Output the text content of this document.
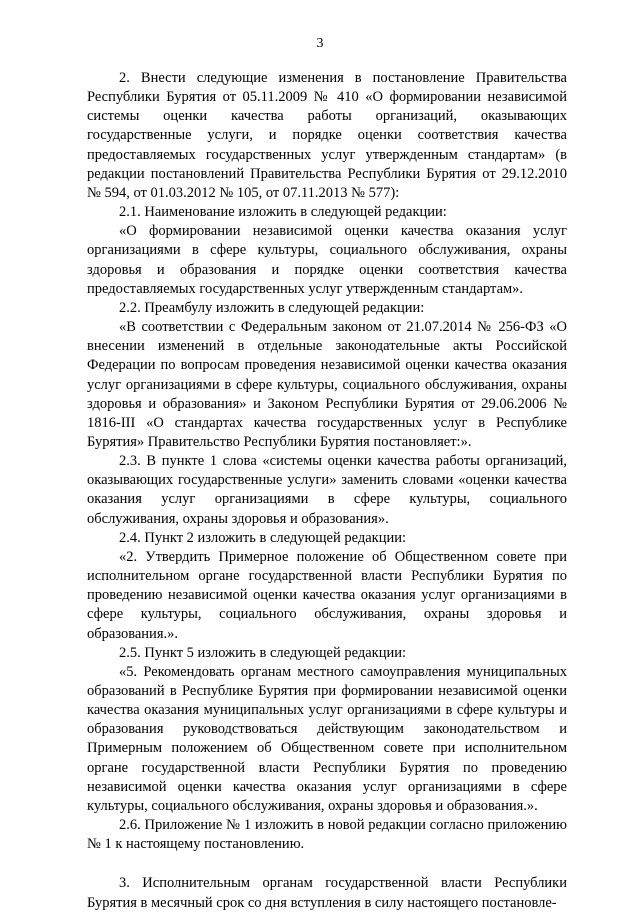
3

2. Внести следующие изменения в постановление Правительства Республики Бурятия от 05.11.2009 № 410 «О формировании независимой системы оценки качества работы организаций, оказывающих государственные услуги, и порядке оценки соответствия качества предоставляемых государственных услуг утвержденным стандартам» (в редакции постановлений Правительства Республики Бурятия от 29.12.2010 № 594, от 01.03.2012 № 105, от 07.11.2013 № 577):

2.1. Наименование изложить в следующей редакции:

«О формировании независимой оценки качества оказания услуг организациями в сфере культуры, социального обслуживания, охраны здоровья и образования и порядке оценки соответствия качества предоставляемых государственных услуг утвержденным стандартам».

2.2. Преамбулу изложить в следующей редакции:

«В соответствии с Федеральным законом от 21.07.2014 № 256-ФЗ «О внесении изменений в отдельные законодательные акты Российской Федерации по вопросам проведения независимой оценки качества оказания услуг организациями в сфере культуры, социального обслуживания, охраны здоровья и образования» и Законом Республики Бурятия от 29.06.2006 № 1816-III «О стандартах качества государственных услуг в Республике Бурятия» Правительство Республики Бурятия постановляет:».

2.3. В пункте 1 слова «системы оценки качества работы организаций, оказывающих государственные услуги» заменить словами «оценки качества оказания услуг организациями в сфере культуры, социального обслуживания, охраны здоровья и образования».

2.4. Пункт 2 изложить в следующей редакции:

«2. Утвердить Примерное положение об Общественном совете при исполнительном органе государственной власти Республики Бурятия по проведению независимой оценки качества оказания услуг организациями в сфере культуры, социального обслуживания, охраны здоровья и образования.».

2.5. Пункт 5 изложить в следующей редакции:

«5. Рекомендовать органам местного самоуправления муниципальных образований в Республике Бурятия при формировании независимой оценки качества оказания муниципальных услуг организациями в сфере культуры и образования руководствоваться действующим законодательством и Примерным положением об Общественном совете при исполнительном органе государственной власти Республики Бурятия по проведению независимой оценки качества оказания услуг организациями в сфере культуры, социального обслуживания, охраны здоровья и образования.».

2.6. Приложение № 1 изложить в новой редакции согласно приложению № 1 к настоящему постановлению.

3. Исполнительным органам государственной власти Республики Бурятия в месячный срок со дня вступления в силу настоящего постановле-
